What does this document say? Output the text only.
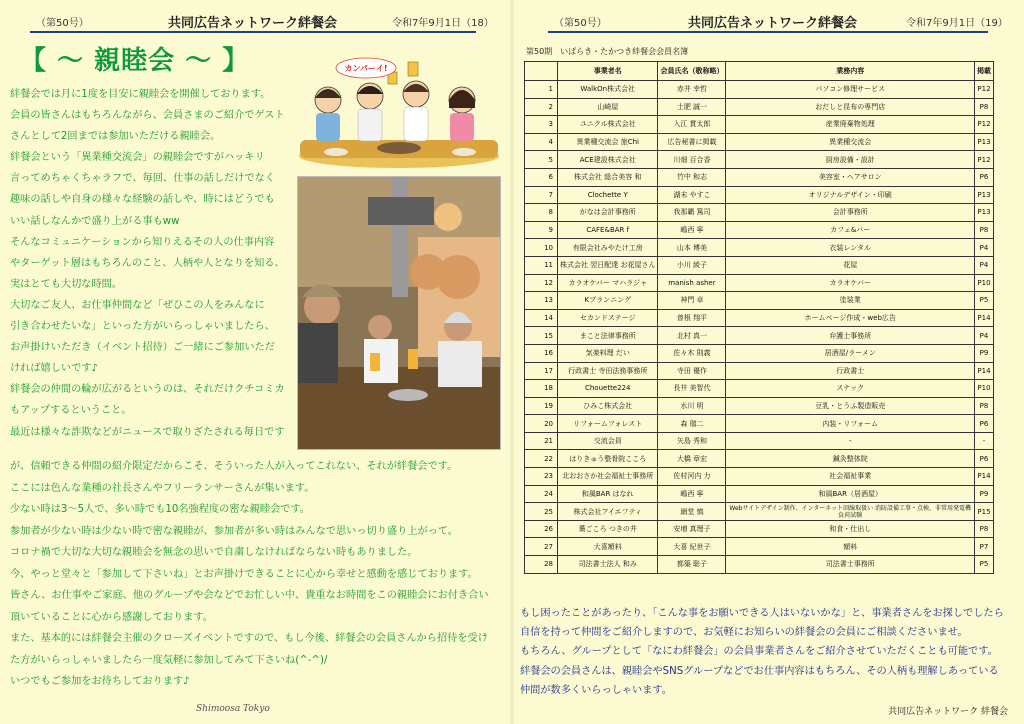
（第50号）	共同広告ネットワーク絆餐会	令和7年9月1日（18）
【 ～ 親睦会 ～ 】

絆餐会では月に1度を目安に親睦会を開催しております。

会員の皆さんはもちろんながら、会員さまのご紹介でゲスト

さんとして2回までは参加いただける親睦会。

絆餐会という「異業種交流会」の親睦会ですがハッキリ

言ってめちゃくちゃラフで、毎回、仕事の話しだけでなく

趣味の話しや自身の様々な経験の話しや、時にはどうでも

いい話しなんかで盛り上がる事もww

そんなコミュニケーションから知りえるその人の仕事内容

やターゲット層はもちろんのこと、人柄や人となりを知る、

実はとても大切な時間。

大切なご友人、お仕事仲間など「ぜひこの人をみんなに

引き合わせたいな」といった方がいらっしゃいましたら、

お声掛けいただき（イベント招待）ご一緒にご参加いただ

ければ嬉しいです♪

絆餐会の仲間の輪が広がるというのは、それだけクチコミカ

もアップするということ。

最近は様々な詐欺などがニュースで取りざたされる毎日です

カンパーイ!

が、信頼できる仲間の紹介限定だからこそ、そういった人が入ってこれない、それが絆餐会です。

ここには色んな業種の社長さんやフリーランサーさんが集います。

少ない時は3～5人で、多い時でも10名強程度の密な親睦会です。

参加者が少ない時は少ない時で密な親睦が、参加者が多い時はみんなで思いっ切り盛り上がって。

コロナ禍で大切な大切な親睦会を無念の思いで自粛しなければならない時もありました。

今、やっと堂々と「参加して下さいね」とお声掛けできることに心から幸せと感動を感じております。

皆さん、お仕事やご家庭、他のグループや会などでお忙しい中、貴重なお時間をこの親睦会にお付き合い

頂いていることに心から感謝しております。

また、基本的には絆餐会主催のクローズイベントですので、もし今後、絆餐会の会員さんから招待を受け

た方がいらっしゃいましたら一度気軽に参加してみて下さいね(^-^)/

いつでもご参加をお待ちしております♪

Shimoosa Tokyo
（第50号）	共同広告ネットワーク絆餐会	令和7年9月1日（19）
第50期　いばらき・たかつき絆餐会会員名簿
	事業者名	会員氏名（敬称略）	業務内容	掲載
1	WalkOn株式会社	赤井 幸哲	パソコン修理サービス	P12
2	山崎屋	土肥 誠一	おだしと昆布の専門店	P8
3	ユニクル株式会社	入江 貫太郎	産業廃棄物処理	P12
4	異業種交流会 旅Chi	広告秘書に掲載	異業種交流会	P13
5	ACE建設株式会社	川畑 百合香	厨房設備・設計	P12
6	株式会社 総合美容 和	竹中 和志	美容室・ヘアサロン	P6
7	Clochette Y	湖末 やすこ	オリジナルデザイン・印刷	P13
8	がなは会計事務所	我那覇 篤司	会計事務所	P13
9	CAFE&BAR f	嶋西 寧	カフェ&バー	P8
10	有限会社みやたけ工房	山本 博美	衣装レンタル	P4
11	株式会社 翌日配達 お花屋さん	小川 綾子	花屋	P4
12	カラオケバー マハラジャ	manish asher	カラオケバー	P10
13	Kプランニング	神門 卓	塗装業	P5
14	セカンドステージ	曽根 翔平	ホームページ作成・web広告	P14
15	まこと法律事務所	北村 真一	弁護士事務所	P4
16	気楽料理 だい	佐々木 則義	居酒屋/ラーメン	P9
17	行政書士 寺田法務事務所	寺田 優作	行政書士	P14
18	Chouette224	長井 美智代	スナック	P10
19	ひみこ株式会社	水川 明	豆乳・とうふ製造販売	P8
20	リフォームフォレスト	森 瑞二	内装・リフォーム	P6
21	交流会員	矢島 秀和	-	-
22	はりきゅう整骨院こころ	大橋 章宏	鍼灸整体院	P6
23	北おおさか社会福祉士事務所	佐村河内 力	社会福祉事業	P14
24	和風BAR はなれ	嶋西 寧	和風BAR（居酒屋）	P9
25	株式会社アイエフティ	網堂 慎	Webサイトデザイン制作、インターネット回線取扱い 消防設備工事・点検、非常用発電機負荷試験	P15
26	蕎ごころ つきの井	安増 真理子	和食・仕出し	P8
27	大喜額料	大喜 紀世子	額料	P7
28	司法書士法人 和み	都築 聡子	司法書士事務所	P5

もし困ったことがあったり、「こんな事をお願いできる人はいないかな」と、事業者さんをお探しでしたら

自信を持って仲間をご紹介しますので、お気軽にお知らいの絆餐会の会員にご相談くださいませ。

もちろん、グループとして「なにわ絆餐会」の会員事業者さんをご紹介させていただくことも可能です。

絆餐会の会員さんは、親睦会やSNSグループなどでお仕事内容はもちろん、その人柄も理解しあっている

仲間が数多くいらっしゃいます。

共同広告ネットワーク 絆餐会
